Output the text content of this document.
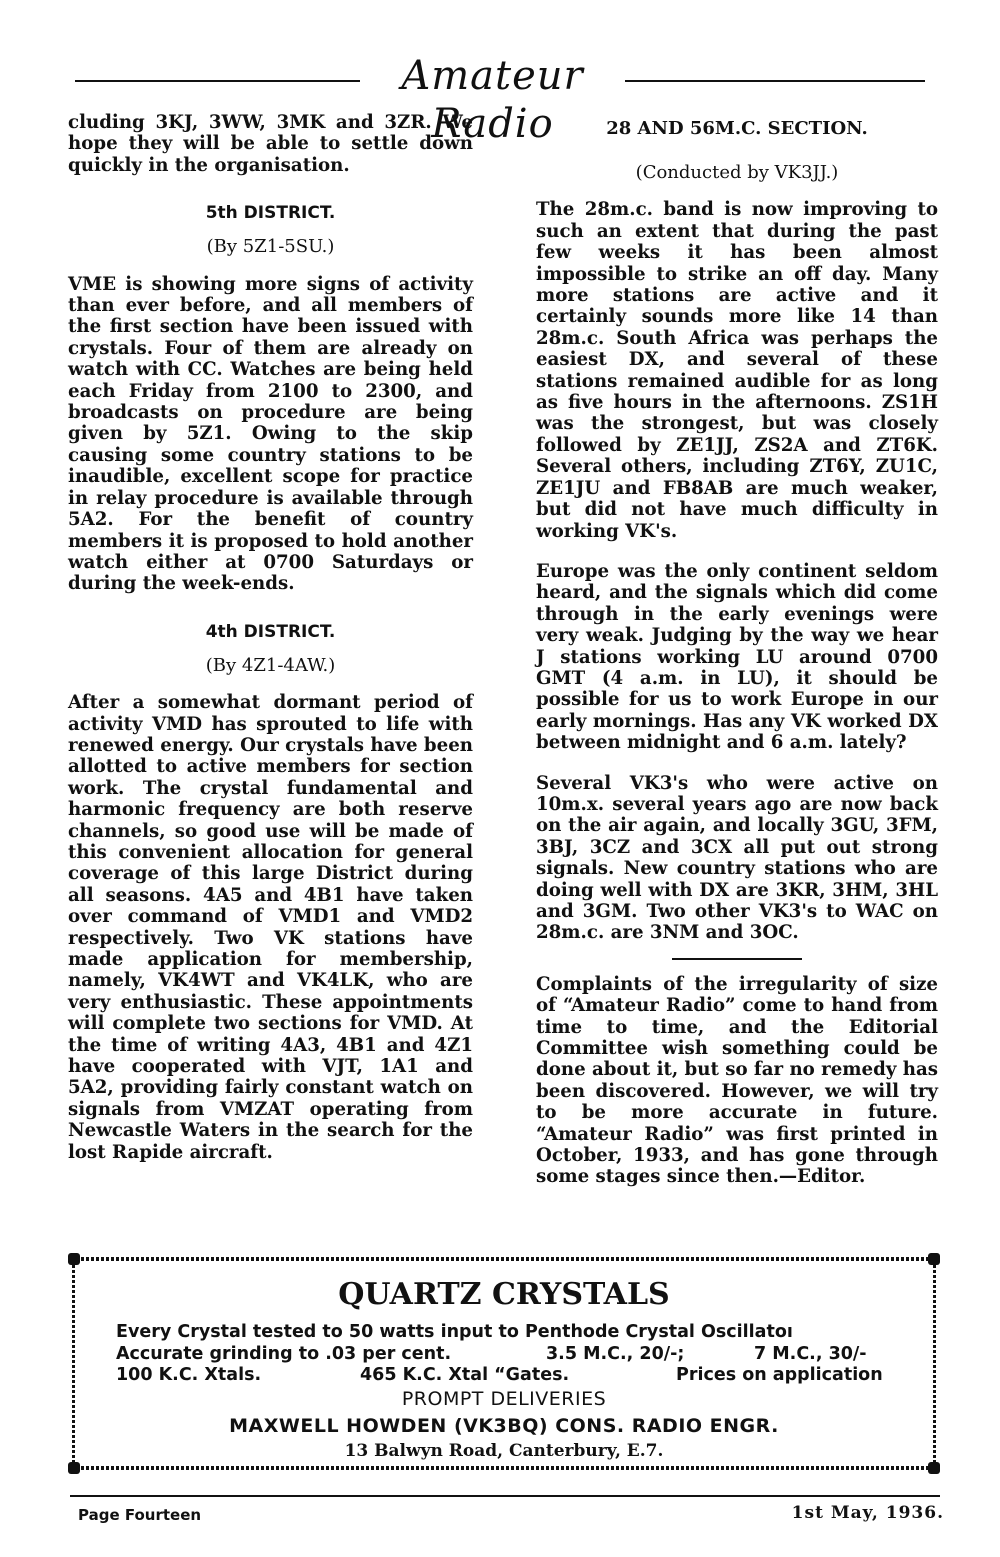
Amateur Radio

cluding 3KJ, 3WW, 3MK and 3ZR. We hope they will be able to settle down quickly in the organisation.

5th DISTRICT.
(By 5Z1-5SU.)

VME is showing more signs of activity than ever before, and all members of the first section have been issued with crystals. Four of them are already on watch with CC. Watches are being held each Friday from 2100 to 2300, and broadcasts on procedure are being given by 5Z1. Owing to the skip causing some country stations to be inaudible, excellent scope for practice in relay procedure is available through 5A2. For the benefit of country members it is proposed to hold another watch either at 0700 Saturdays or during the week-ends.

4th DISTRICT.
(By 4Z1-4AW.)

After a somewhat dormant period of activity VMD has sprouted to life with renewed energy. Our crystals have been allotted to active members for section work. The crystal fundamental and harmonic frequency are both reserve channels, so good use will be made of this convenient allocation for general coverage of this large District during all seasons. 4A5 and 4B1 have taken over command of VMD1 and VMD2 respectively. Two VK stations have made application for membership, namely, VK4WT and VK4LK, who are very enthusiastic. These appointments will complete two sections for VMD. At the time of writing 4A3, 4B1 and 4Z1 have cooperated with VJT, 1A1 and 5A2, providing fairly constant watch on signals from VMZAT operating from Newcastle Waters in the search for the lost Rapide aircraft.

28 AND 56M.C. SECTION.
(Conducted by VK3JJ.)

The 28m.c. band is now improving to such an extent that during the past few weeks it has been almost impossible to strike an off day. Many more stations are active and it certainly sounds more like 14 than 28m.c. South Africa was perhaps the easiest DX, and several of these stations remained audible for as long as five hours in the afternoons. ZS1H was the strongest, but was closely followed by ZE1JJ, ZS2A and ZT6K. Several others, including ZT6Y, ZU1C, ZE1JU and FB8AB are much weaker, but did not have much difficulty in working VK's.

Europe was the only continent seldom heard, and the signals which did come through in the early evenings were very weak. Judging by the way we hear J stations working LU around 0700 GMT (4 a.m. in LU), it should be possible for us to work Europe in our early mornings. Has any VK worked DX between midnight and 6 a.m. lately?

Several VK3's who were active on 10m.x. several years ago are now back on the air again, and locally 3GU, 3FM, 3BJ, 3CZ and 3CX all put out strong signals. New country stations who are doing well with DX are 3KR, 3HM, 3HL and 3GM. Two other VK3's to WAC on 28m.c. are 3NM and 3OC.

Complaints of the irregularity of size of “Amateur Radio” come to hand from time to time, and the Editorial Committee wish something could be done about it, but so far no remedy has been discovered. However, we will try to be more accurate in future. “Amateur Radio” was first printed in October, 1933, and has gone through some stages since then.—Editor.

QUARTZ CRYSTALS
Every Crystal tested to 50 watts input to Penthode Crystal Oscillatoı
Accurate grinding to .03 per cent.	3.5 M.C., 20/-;	7 M.C., 30/-
100 K.C. Xtals.	465 K.C. Xtal “Gates.	Prices on application
PROMPT DELIVERIES
MAXWELL HOWDEN (VK3BQ) CONS. RADIO ENGR.
13 Balwyn Road, Canterbury, E.7.
Page Fourteen	1st May, 1936.
